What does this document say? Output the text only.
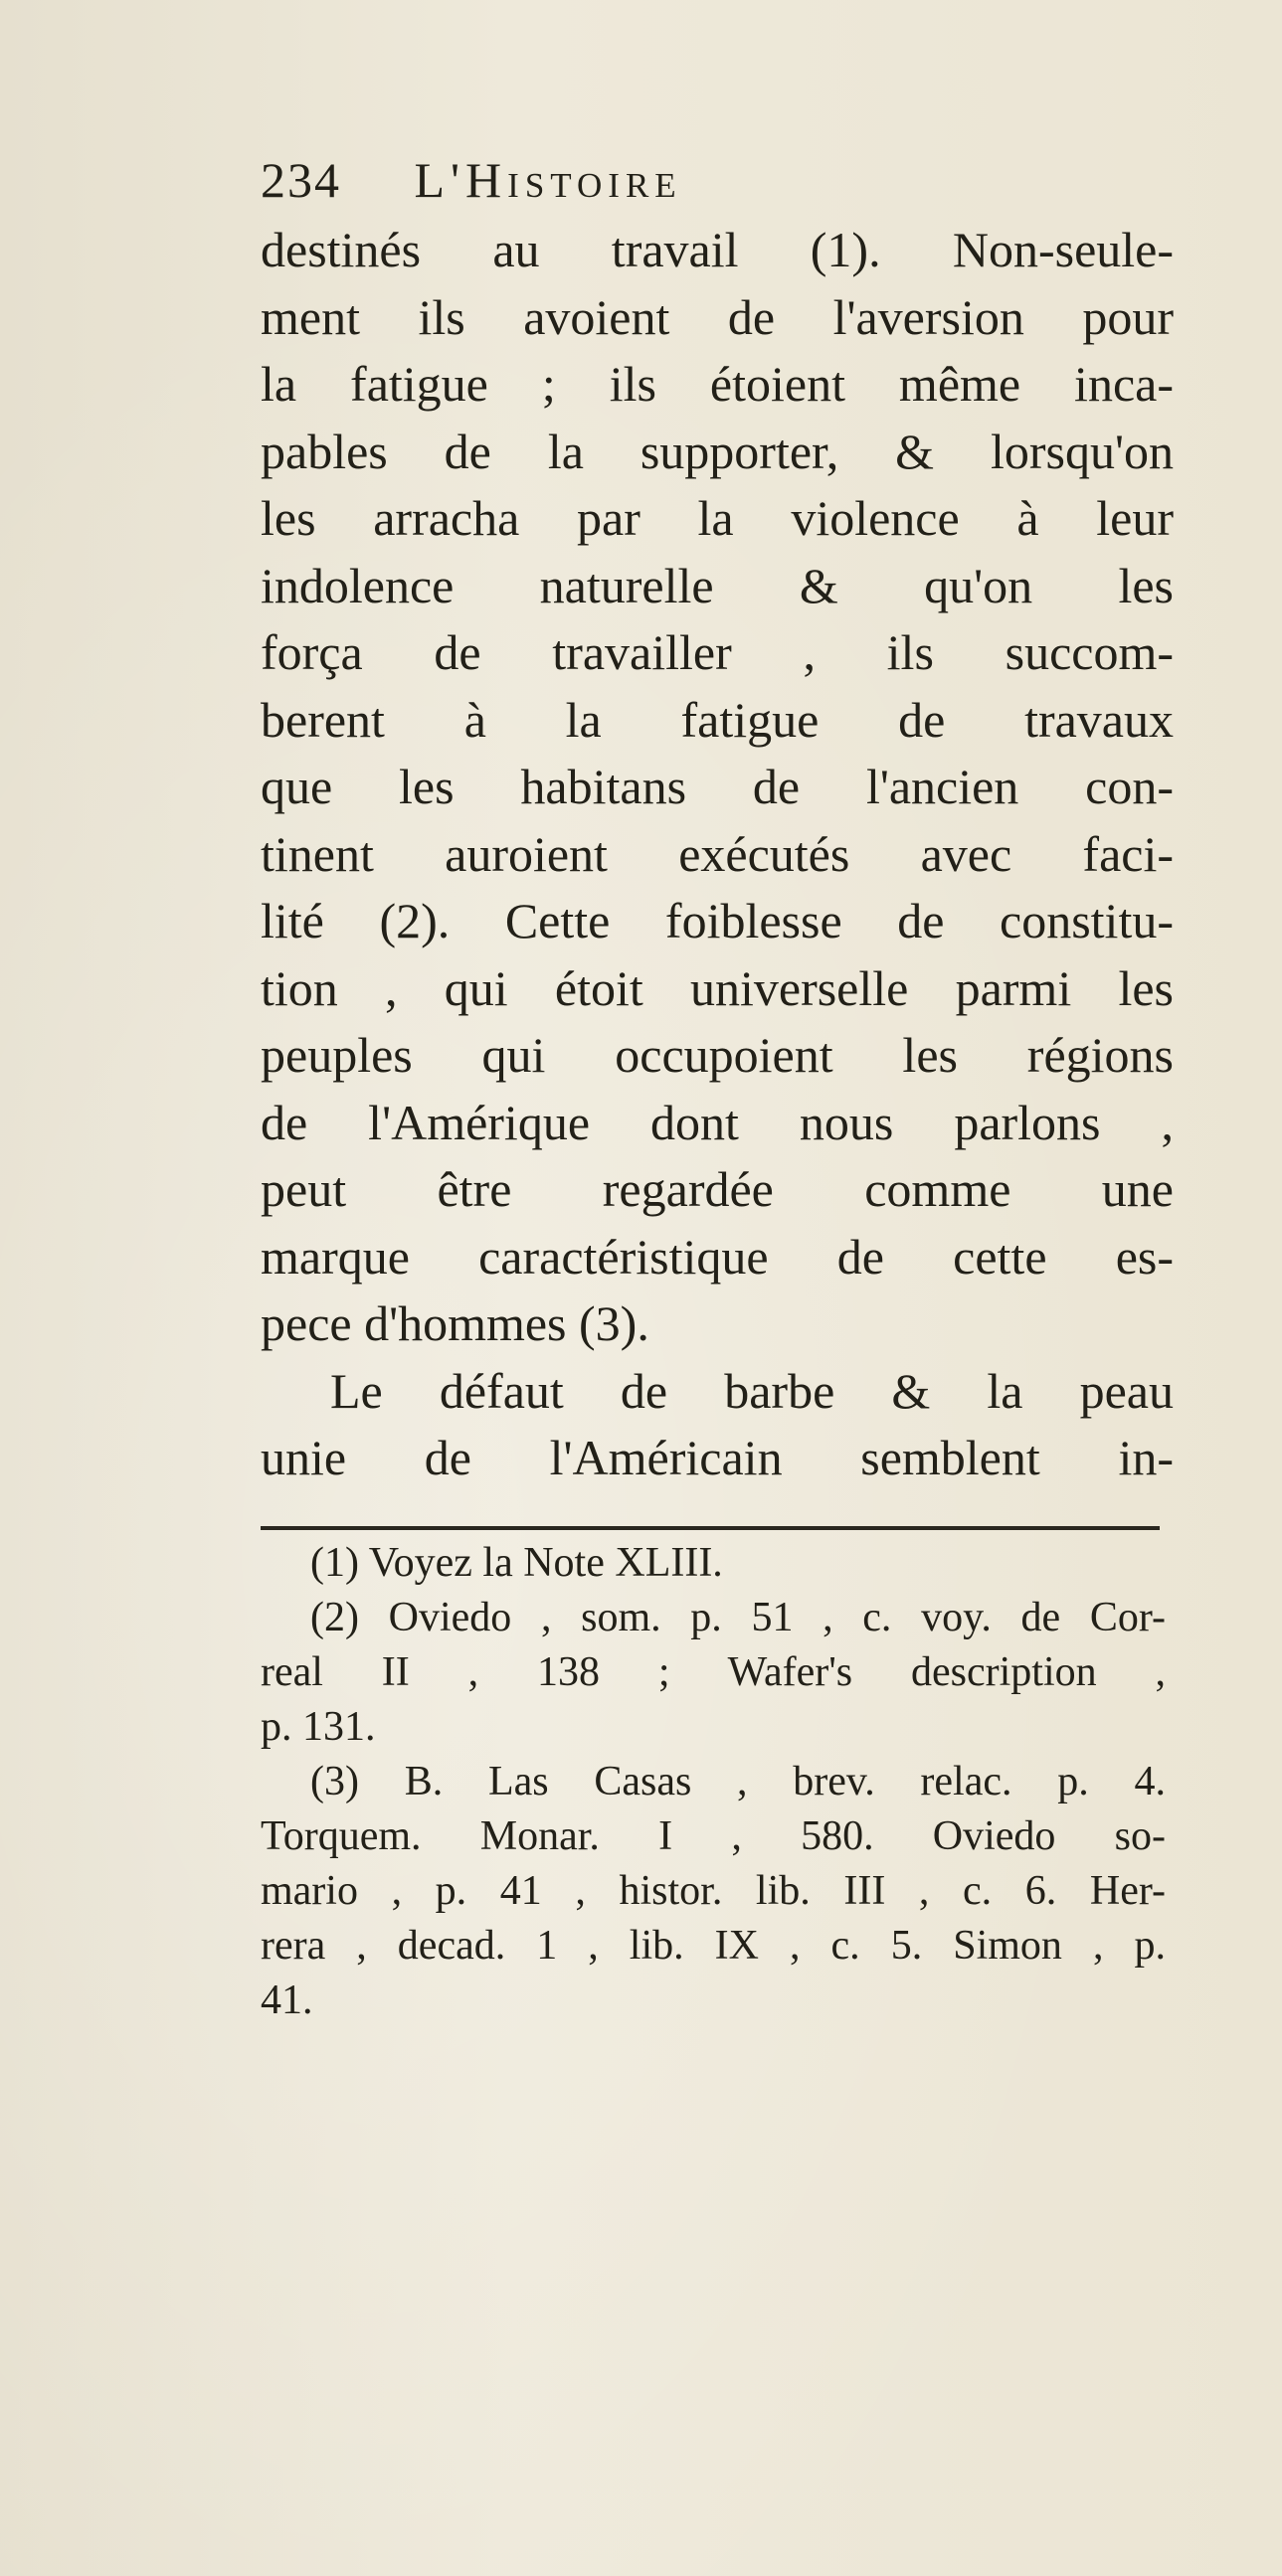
234 L'Histoire
destinés au travail (1). Non-seule-
ment ils avoient de l'aversion pour
la fatigue ; ils étoient même inca-
pables de la supporter, & lorsqu'on
les arracha par la violence à leur
indolence naturelle & qu'on les
força de travailler , ils succom-
berent à la fatigue de travaux
que les habitans de l'ancien con-
tinent auroient exécutés avec faci-
lité (2). Cette foiblesse de constitu-
tion , qui étoit universelle parmi les
peuples qui occupoient les régions
de l'Amérique dont nous parlons ,
peut être regardée comme une
marque caractéristique de cette es-
pece d'hommes (3).
Le défaut de barbe & la peau
unie de l'Américain semblent in-
(1) Voyez la Note XLIII.
(2) Oviedo , som. p. 51 , c. voy. de Cor-
real II , 138 ; Wafer's description ,
p. 131.
(3) B. Las Casas , brev. relac. p. 4.
Torquem. Monar. I , 580. Oviedo so-
mario , p. 41 , histor. lib. III , c. 6. Her-
rera , decad. 1 , lib. IX , c. 5. Simon , p.
41.
